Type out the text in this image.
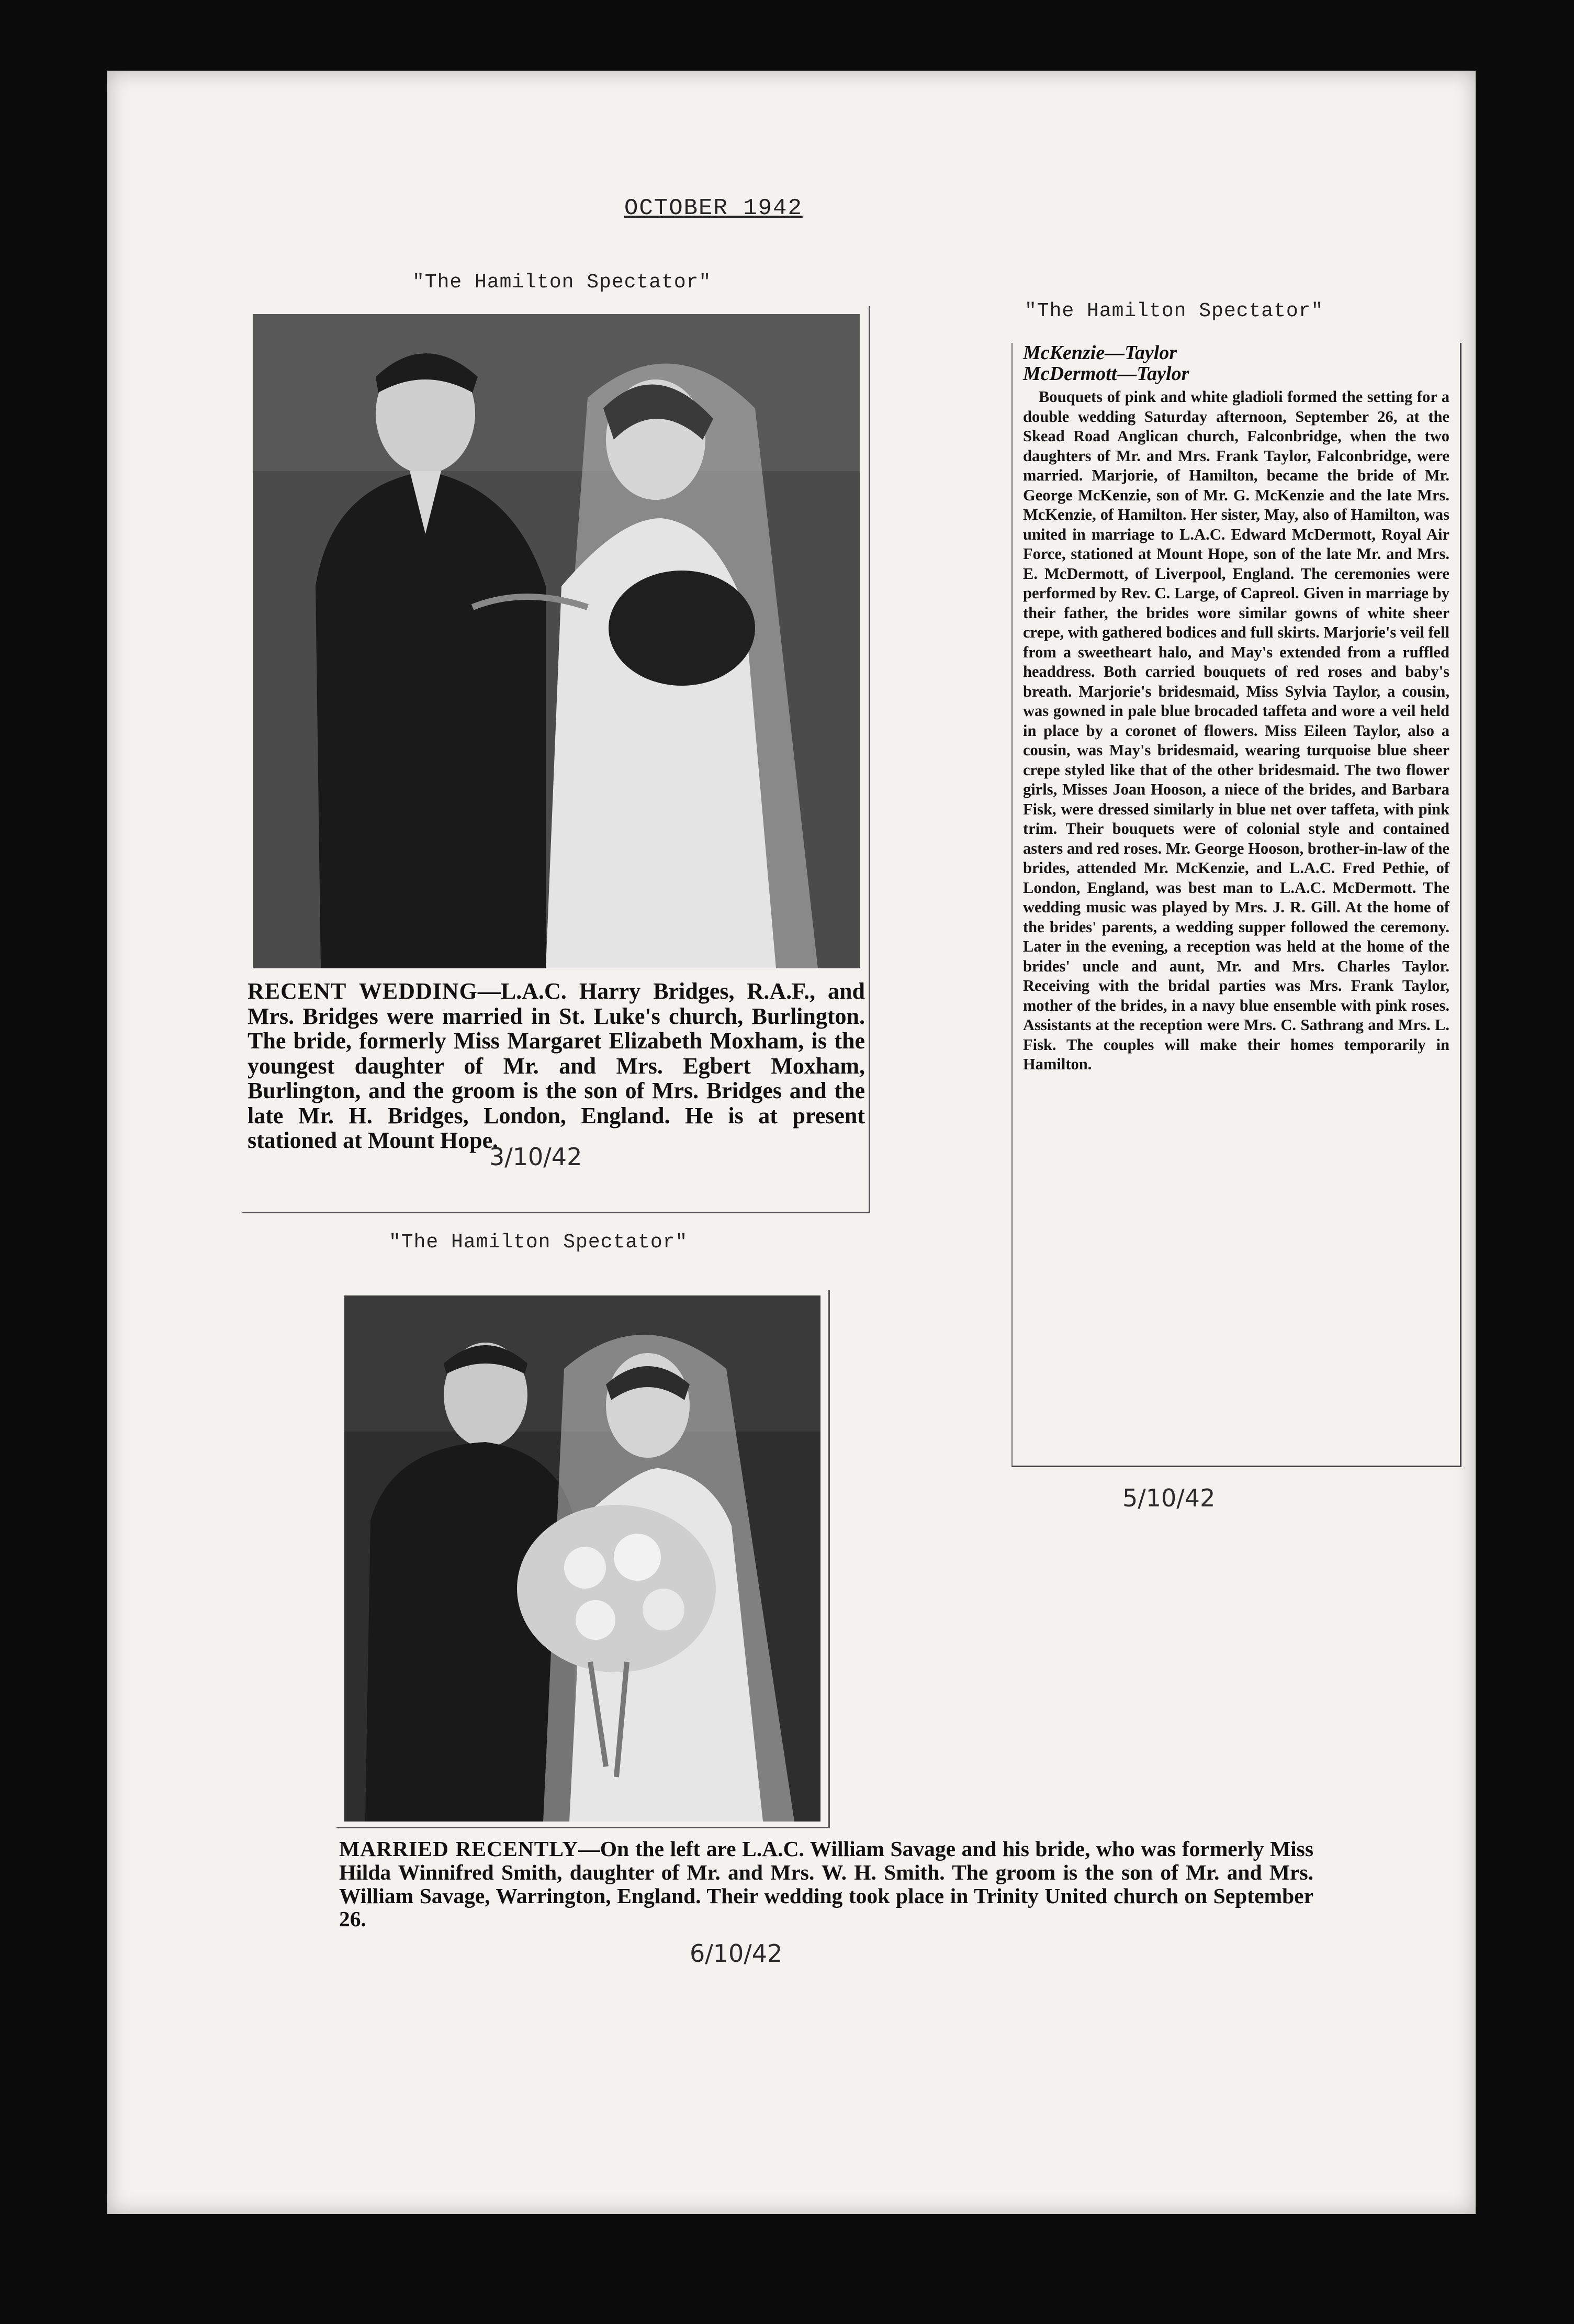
OCTOBER 1942
"The Hamilton Spectator"
RECENT WEDDING—L.A.C. Harry Bridges, R.A.F., and Mrs. Bridges were married in St. Luke's church, Burlington. The bride, formerly Miss Margaret Elizabeth Moxham, is the youngest daughter of Mr. and Mrs. Egbert Moxham, Burlington, and the groom is the son of Mrs. Bridges and the late Mr. H. Bridges, London, England. He is at present stationed at Mount Hope.
3/10/42
"The Hamilton Spectator"
McKenzie—Taylor
McDermott—Taylor
Bouquets of pink and white gladioli formed the setting for a double wedding Saturday afternoon, September 26, at the Skead Road Anglican church, Falconbridge, when the two daughters of Mr. and Mrs. Frank Taylor, Falconbridge, were married. Marjorie, of Hamilton, became the bride of Mr. George McKenzie, son of Mr. G. McKenzie and the late Mrs. McKenzie, of Hamilton. Her sister, May, also of Hamilton, was united in marriage to L.A.C. Edward McDermott, Royal Air Force, stationed at Mount Hope, son of the late Mr. and Mrs. E. McDermott, of Liverpool, England. The ceremonies were performed by Rev. C. Large, of Capreol. Given in marriage by their father, the brides wore similar gowns of white sheer crepe, with gathered bodices and full skirts. Marjorie's veil fell from a sweetheart halo, and May's extended from a ruffled headdress. Both carried bouquets of red roses and baby's breath. Marjorie's bridesmaid, Miss Sylvia Taylor, a cousin, was gowned in pale blue brocaded taffeta and wore a veil held in place by a coronet of flowers. Miss Eileen Taylor, also a cousin, was May's bridesmaid, wearing turquoise blue sheer crepe styled like that of the other bridesmaid. The two flower girls, Misses Joan Hooson, a niece of the brides, and Barbara Fisk, were dressed similarly in blue net over taffeta, with pink trim. Their bouquets were of colonial style and contained asters and red roses. Mr. George Hooson, brother-in-law of the brides, attended Mr. McKenzie, and L.A.C. Fred Pethie, of London, England, was best man to L.A.C. McDermott. The wedding music was played by Mrs. J. R. Gill. At the home of the brides' parents, a wedding supper followed the ceremony. Later in the evening, a reception was held at the home of the brides' uncle and aunt, Mr. and Mrs. Charles Taylor. Receiving with the bridal parties was Mrs. Frank Taylor, mother of the brides, in a navy blue ensemble with pink roses. Assistants at the reception were Mrs. C. Sathrang and Mrs. L. Fisk. The couples will make their homes temporarily in Hamilton.
5/10/42
"The Hamilton Spectator"
MARRIED RECENTLY—On the left are L.A.C. William Savage and his bride, who was formerly Miss Hilda Winnifred Smith, daughter of Mr. and Mrs. W. H. Smith. The groom is the son of Mr. and Mrs. William Savage, Warrington, England. Their wedding took place in Trinity United church on September 26.
6/10/42
